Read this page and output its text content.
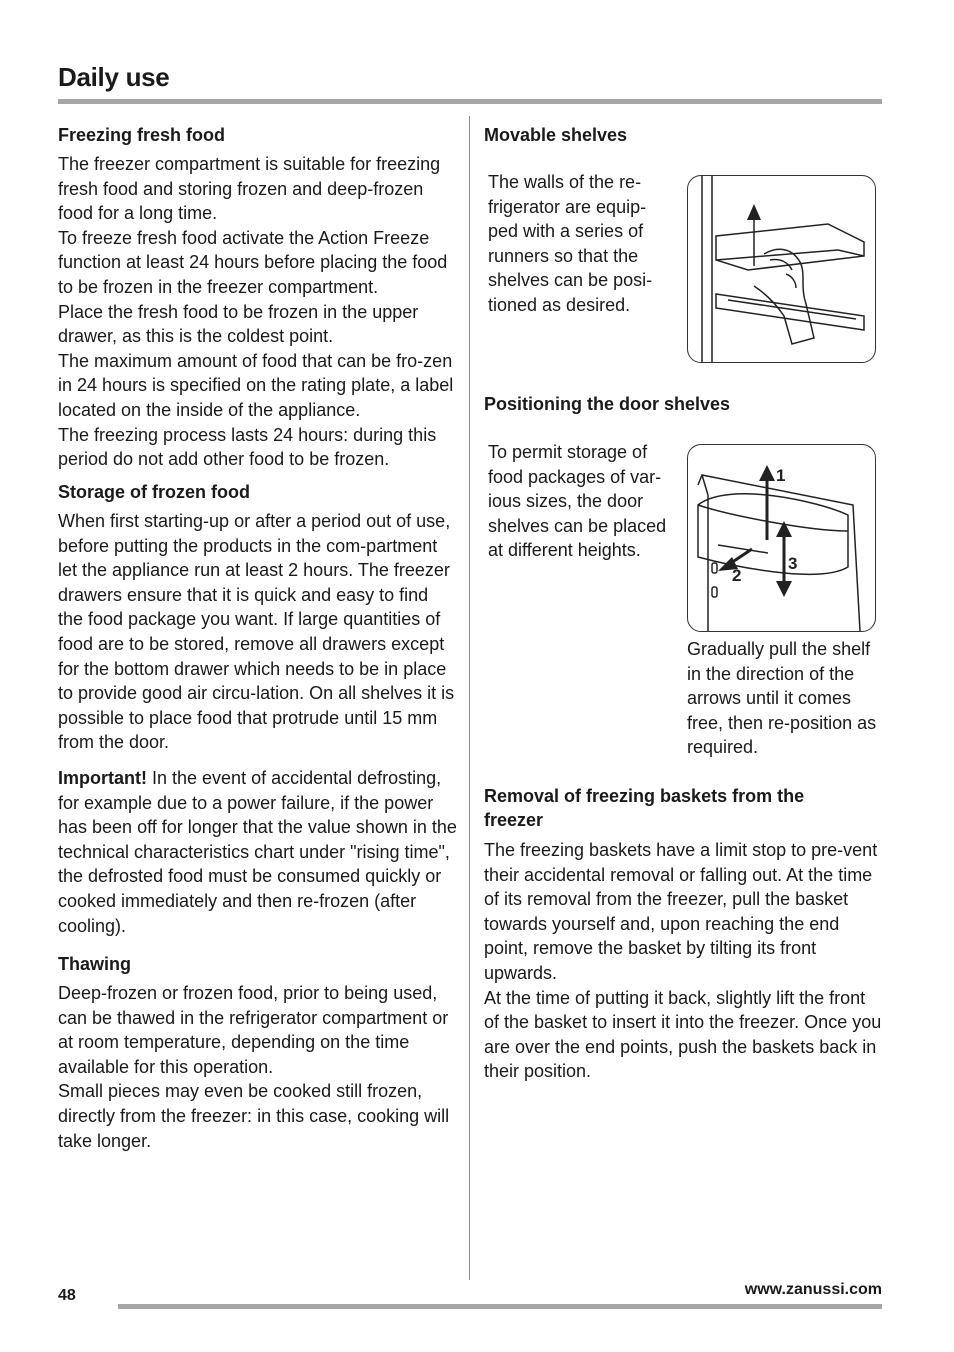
Daily use
Freezing fresh food

The freezer compartment is suitable for freezing fresh food and storing frozen and deep-frozen food for a long time.

To freeze fresh food activate the Action Freeze function at least 24 hours before placing the food to be frozen in the freezer compartment.

Place the fresh food to be frozen in the upper drawer, as this is the coldest point.

The maximum amount of food that can be fro-zen in 24 hours is specified on the rating plate, a label located on the inside of the appliance.

The freezing process lasts 24 hours: during this period do not add other food to be frozen.

Storage of frozen food

When first starting-up or after a period out of use, before putting the products in the com-partment let the appliance run at least 2 hours. The freezer drawers ensure that it is quick and easy to find the food package you want. If large quantities of food are to be stored, remove all drawers except for the bottom drawer which needs to be in place to provide good air circu-lation. On all shelves it is possible to place food that protrude until 15 mm from the door.

Important! In the event of accidental defrosting, for example due to a power failure, if the power has been off for longer that the value shown in the technical characteristics chart under "rising time", the defrosted food must be consumed quickly or cooked immediately and then re-frozen (after cooling).

Thawing

Deep-frozen or frozen food, prior to being used, can be thawed in the refrigerator compartment or at room temperature, depending on the time available for this operation.

Small pieces may even be cooked still frozen, directly from the freezer: in this case, cooking will take longer.

Movable shelves

The walls of the re-frigerator are equip-ped with a series of runners so that the shelves can be posi-tioned as desired.

Positioning the door shelves

To permit storage of food packages of var-ious sizes, the door shelves can be placed at different heights.

1
2
3

Gradually pull the shelf in the direction of the arrows until it comes free, then re-position as required.

Removal of freezing baskets from the
freezer

The freezing baskets have a limit stop to pre-vent their accidental removal or falling out. At the time of its removal from the freezer, pull the basket towards yourself and, upon reaching the end point, remove the basket by tilting its front upwards.

At the time of putting it back, slightly lift the front of the basket to insert it into the freezer. Once you are over the end points, push the baskets back in their position.

48	www.zanussi.com
